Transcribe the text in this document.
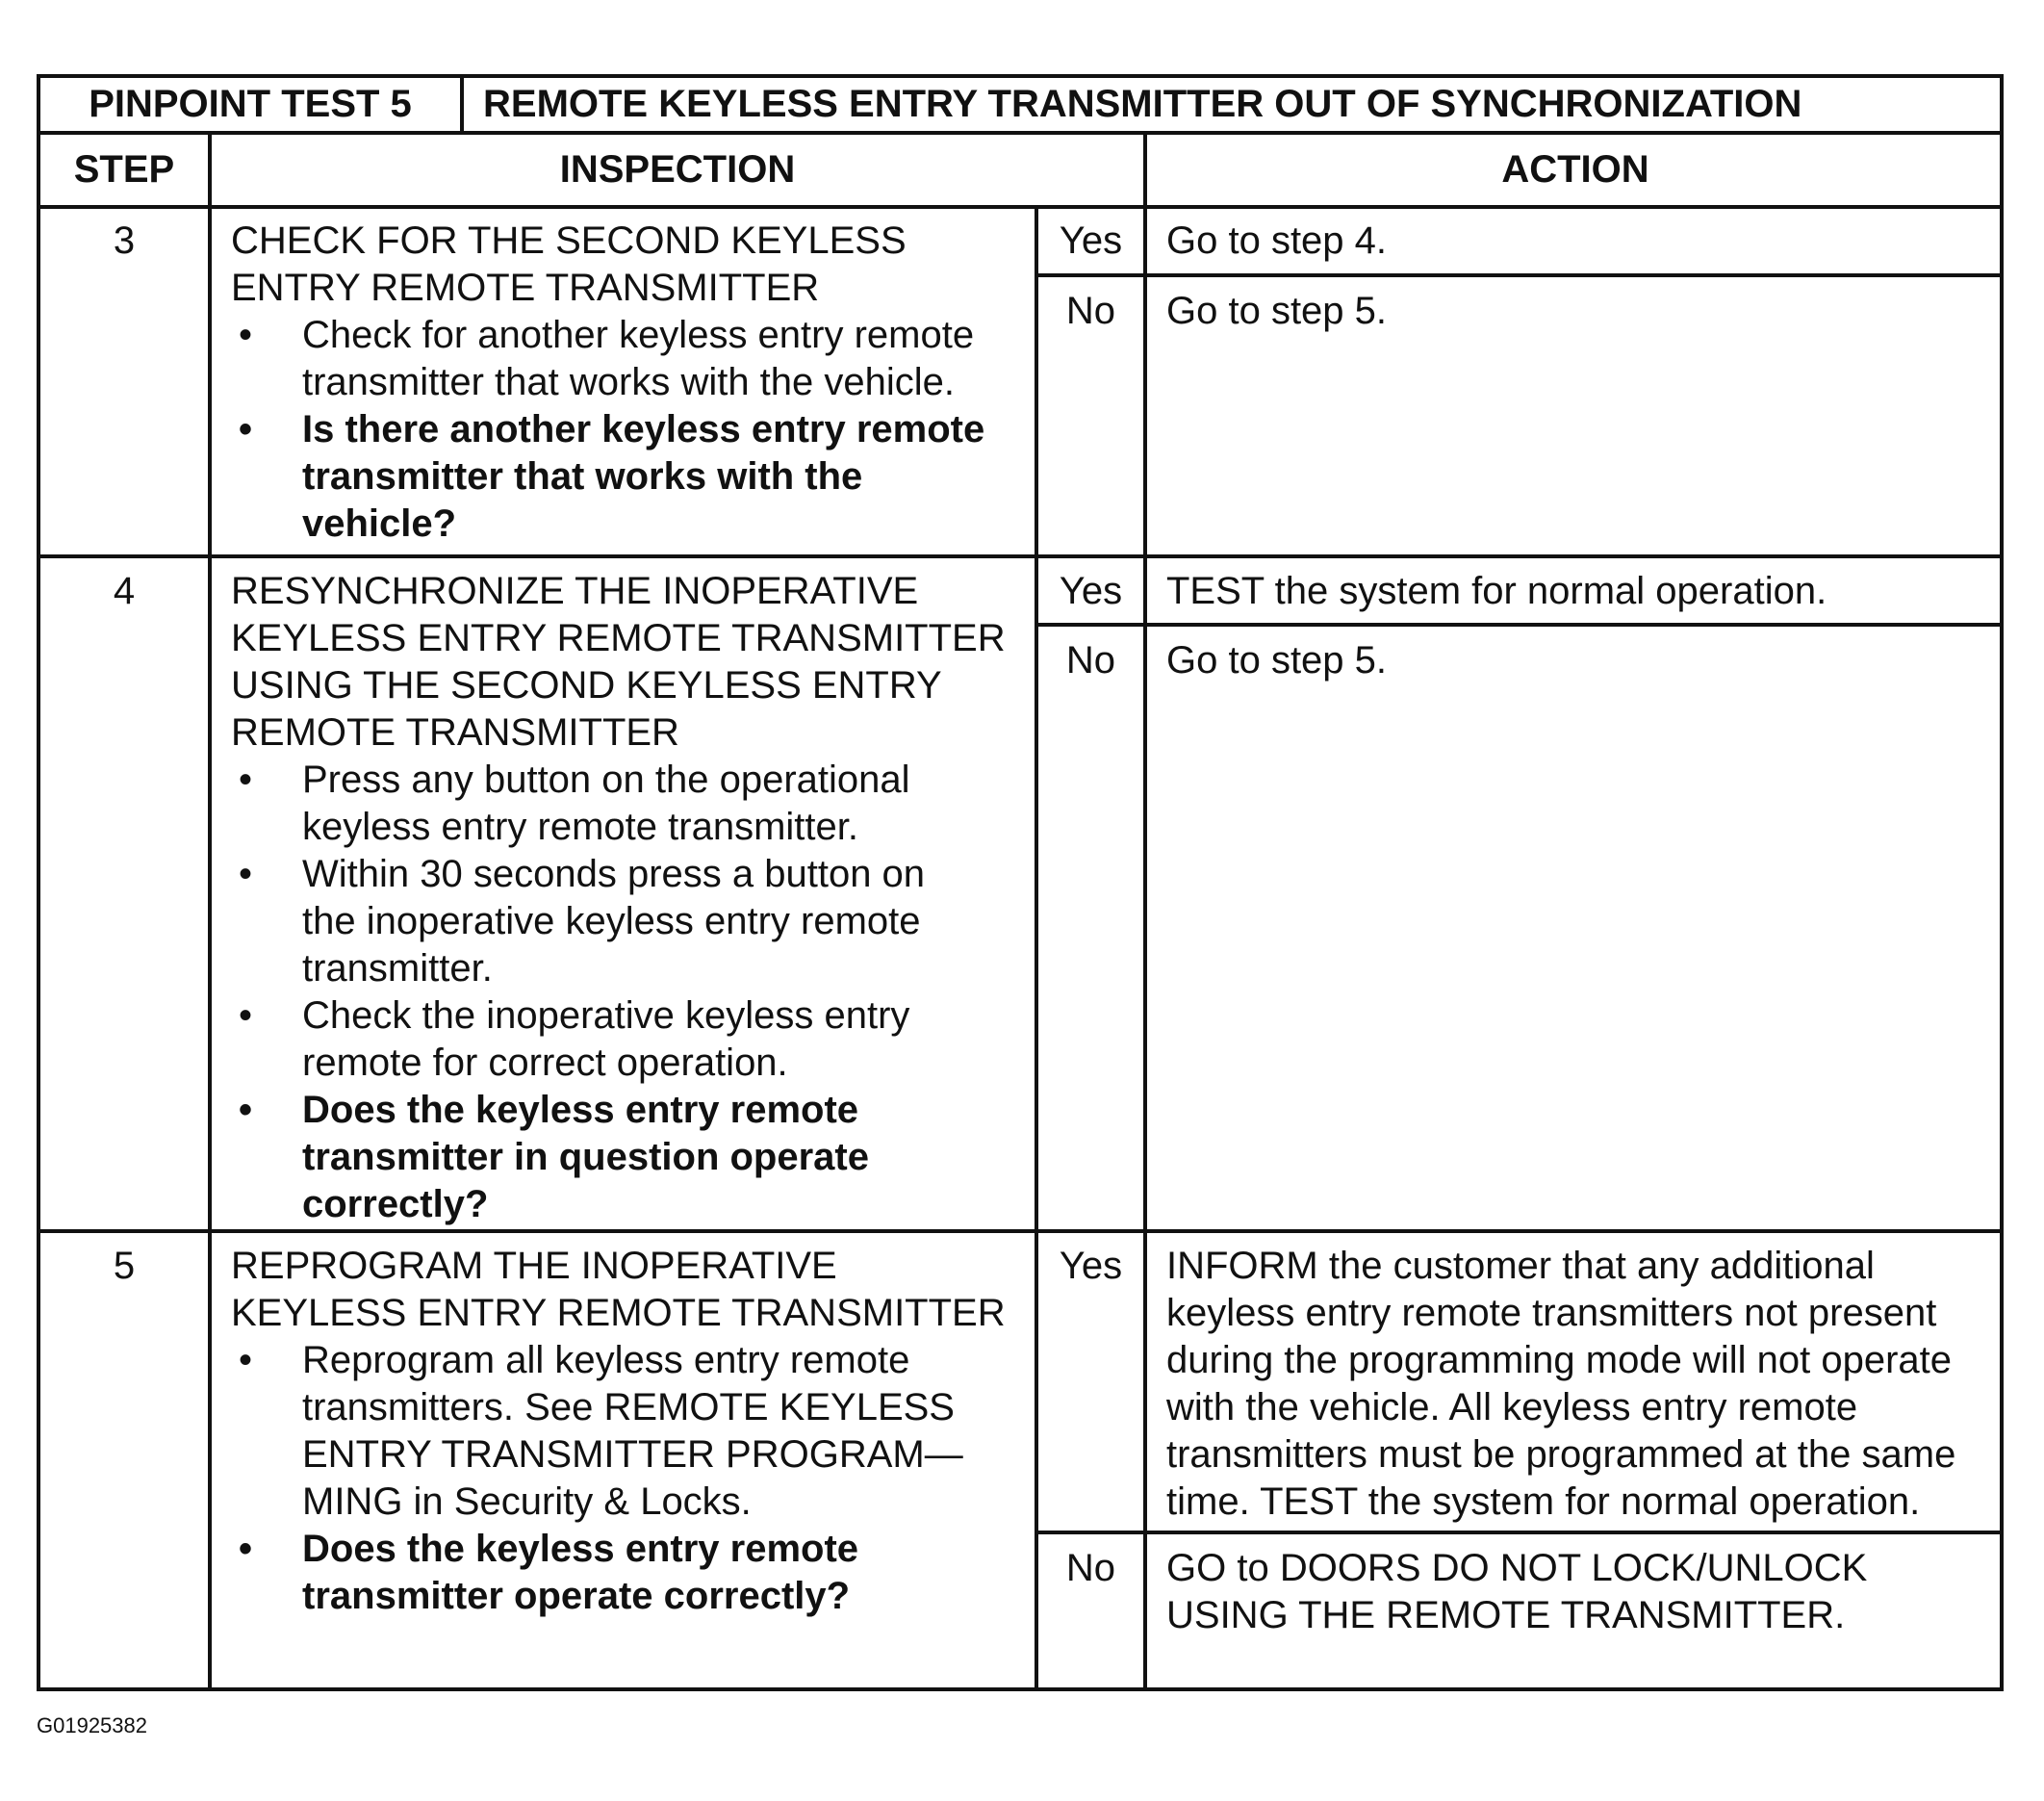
PINPOINT TEST 5	REMOTE KEYLESS ENTRY TRANSMITTER OUT OF SYNCHRONIZATION
STEP	INSPECTION	ACTION
3	CHECK FOR THE SECOND KEYLESS
ENTRY REMOTE TRANSMITTER
• Check for another keyless entry remote
transmitter that works with the vehicle.
• Is there another keyless entry remote
transmitter that works with the
vehicle?
Yes	Go to step 4.
No	Go to step 5.
4	RESYNCHRONIZE THE INOPERATIVE
KEYLESS ENTRY REMOTE TRANSMITTER
USING THE SECOND KEYLESS ENTRY
REMOTE TRANSMITTER
• Press any button on the operational
keyless entry remote transmitter.
• Within 30 seconds press a button on
the inoperative keyless entry remote
transmitter.
• Check the inoperative keyless entry
remote for correct operation.
• Does the keyless entry remote
transmitter in question operate
correctly?
Yes	TEST the system for normal operation.
No	Go to step 5.
5	REPROGRAM THE INOPERATIVE
KEYLESS ENTRY REMOTE TRANSMITTER
• Reprogram all keyless entry remote
transmitters. See REMOTE KEYLESS
ENTRY TRANSMITTER PROGRAM—
MING in Security & Locks.
• Does the keyless entry remote
transmitter operate correctly?
Yes	INFORM the customer that any additional
keyless entry remote transmitters not present
during the programming mode will not operate
with the vehicle. All keyless entry remote
transmitters must be programmed at the same
time. TEST the system for normal operation.
No	GO to DOORS DO NOT LOCK/UNLOCK
USING THE REMOTE TRANSMITTER.
G01925382
